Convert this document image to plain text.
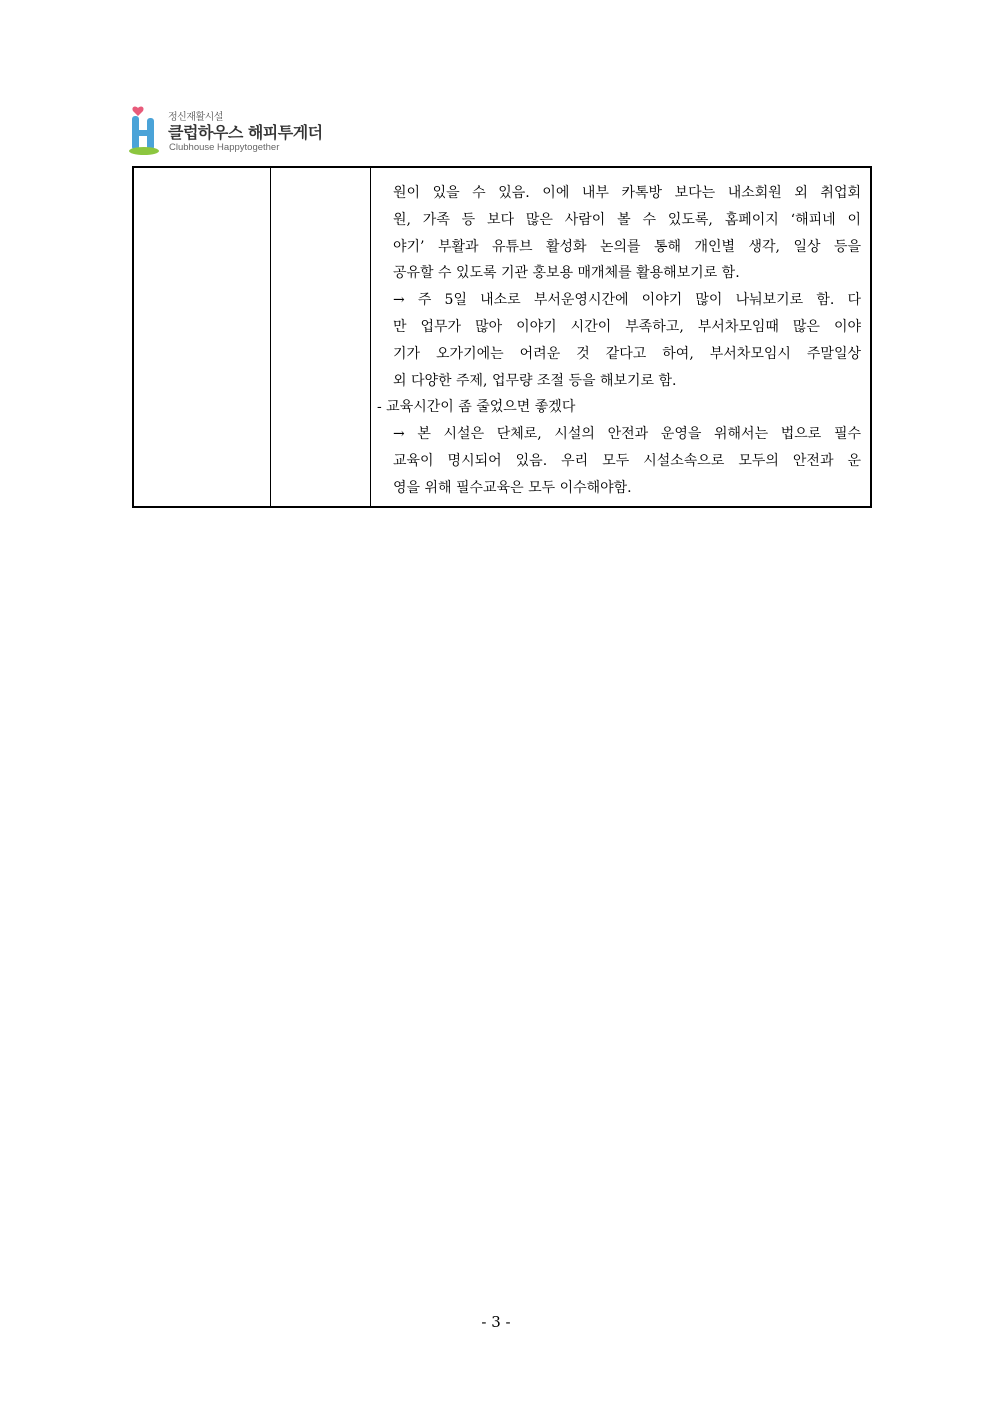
정신재활시설
클럽하우스 해피투게더
Clubhouse Happytogether
원이 있을 수 있음. 이에 내부 카톡방 보다는 내소회원 외 취업회
원, 가족 등 보다 많은 사람이 볼 수 있도록, 홈페이지 ‘해피네 이
야기’ 부활과 유튜브 활성화 논의를 통해 개인별 생각, 일상 등을
공유할 수 있도록 기관 홍보용 매개체를 활용해보기로 함.
→ 주 5일 내소로 부서운영시간에 이야기 많이 나눠보기로 함. 다
만 업무가 많아 이야기 시간이 부족하고, 부서차모임때 많은 이야
기가 오가기에는 어려운 것 같다고 하여, 부서차모임시 주말일상
외 다양한 주제, 업무량 조절 등을 해보기로 함.
- 교육시간이 좀 줄었으면 좋겠다
→ 본 시설은 단체로, 시설의 안전과 운영을 위해서는 법으로 필수
교육이 명시되어 있음. 우리 모두 시설소속으로 모두의 안전과 운
영을 위해 필수교육은 모두 이수해야함.
- 3 -
